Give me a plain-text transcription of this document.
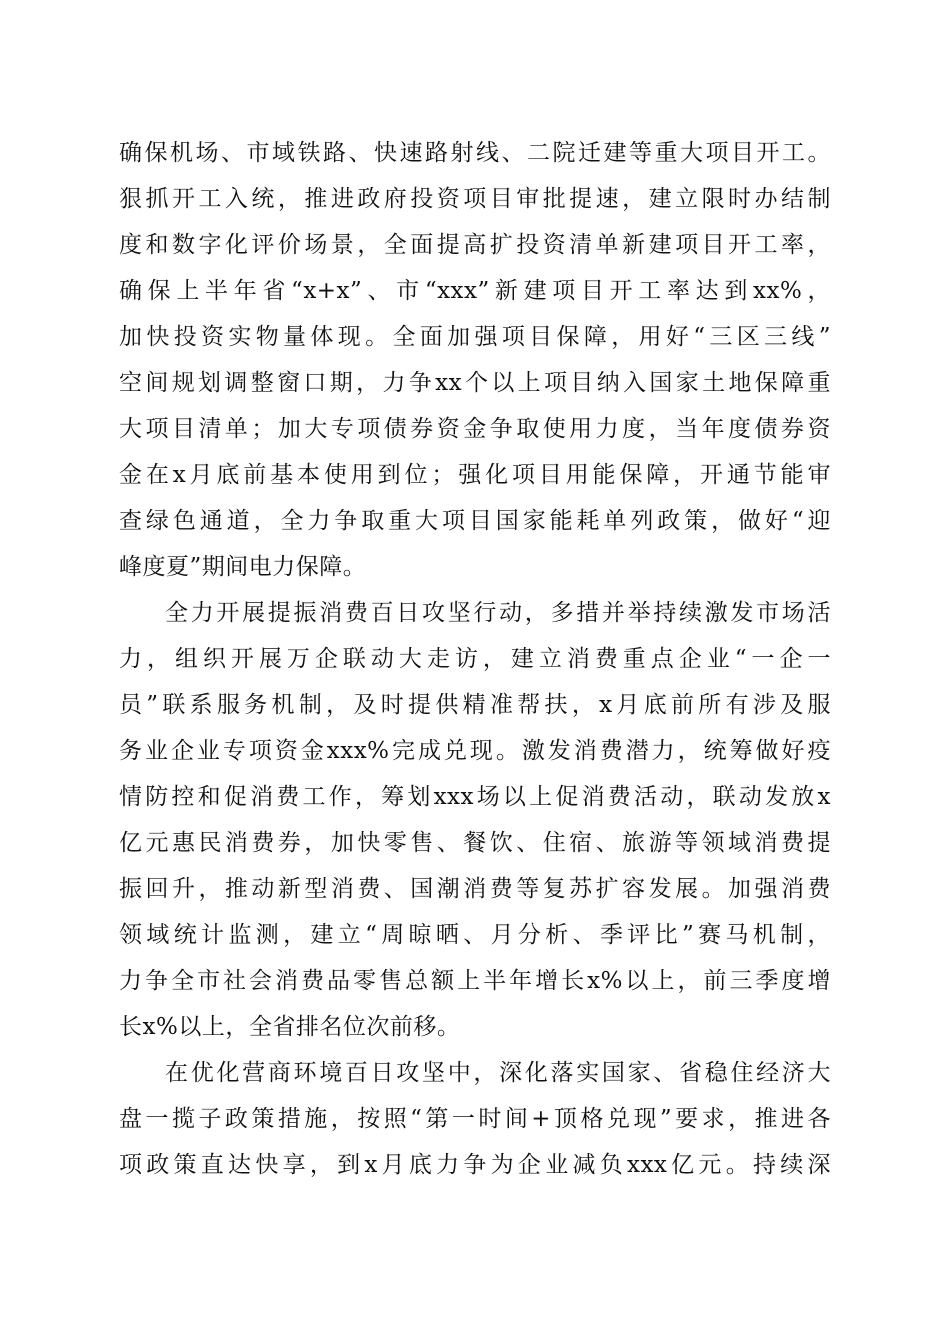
确保机场、市域铁路、快速路射线、二院迁建等重大项目开工。
狠抓开工入统，推进政府投资项目审批提速，建立限时办结制
度和数字化评价场景，全面提高扩投资清单新建项目开工率，
确保上半年省“x+x”、市“xxx”新建项目开工率达到xx%，
加快投资实物量体现。全面加强项目保障，用好“三区三线”
空间规划调整窗口期，力争xx个以上项目纳入国家土地保障重
大项目清单；加大专项债券资金争取使用力度，当年度债券资
金在x月底前基本使用到位；强化项目用能保障，开通节能审
查绿色通道，全力争取重大项目国家能耗单列政策，做好“迎
峰度夏”期间电力保障。
全力开展提振消费百日攻坚行动，多措并举持续激发市场活
力，组织开展万企联动大走访，建立消费重点企业“一企一
员”联系服务机制，及时提供精准帮扶，x月底前所有涉及服
务业企业专项资金xxx%完成兑现。激发消费潜力，统筹做好疫
情防控和促消费工作，筹划xxx场以上促消费活动，联动发放x
亿元惠民消费券，加快零售、餐饮、住宿、旅游等领域消费提
振回升，推动新型消费、国潮消费等复苏扩容发展。加强消费
领域统计监测，建立“周晾晒、月分析、季评比”赛马机制，
力争全市社会消费品零售总额上半年增长x%以上，前三季度增
长x%以上，全省排名位次前移。
在优化营商环境百日攻坚中，深化落实国家、省稳住经济大
盘一揽子政策措施，按照“第一时间+顶格兑现”要求，推进各
项政策直达快享，到x月底力争为企业减负xxx亿元。持续深
